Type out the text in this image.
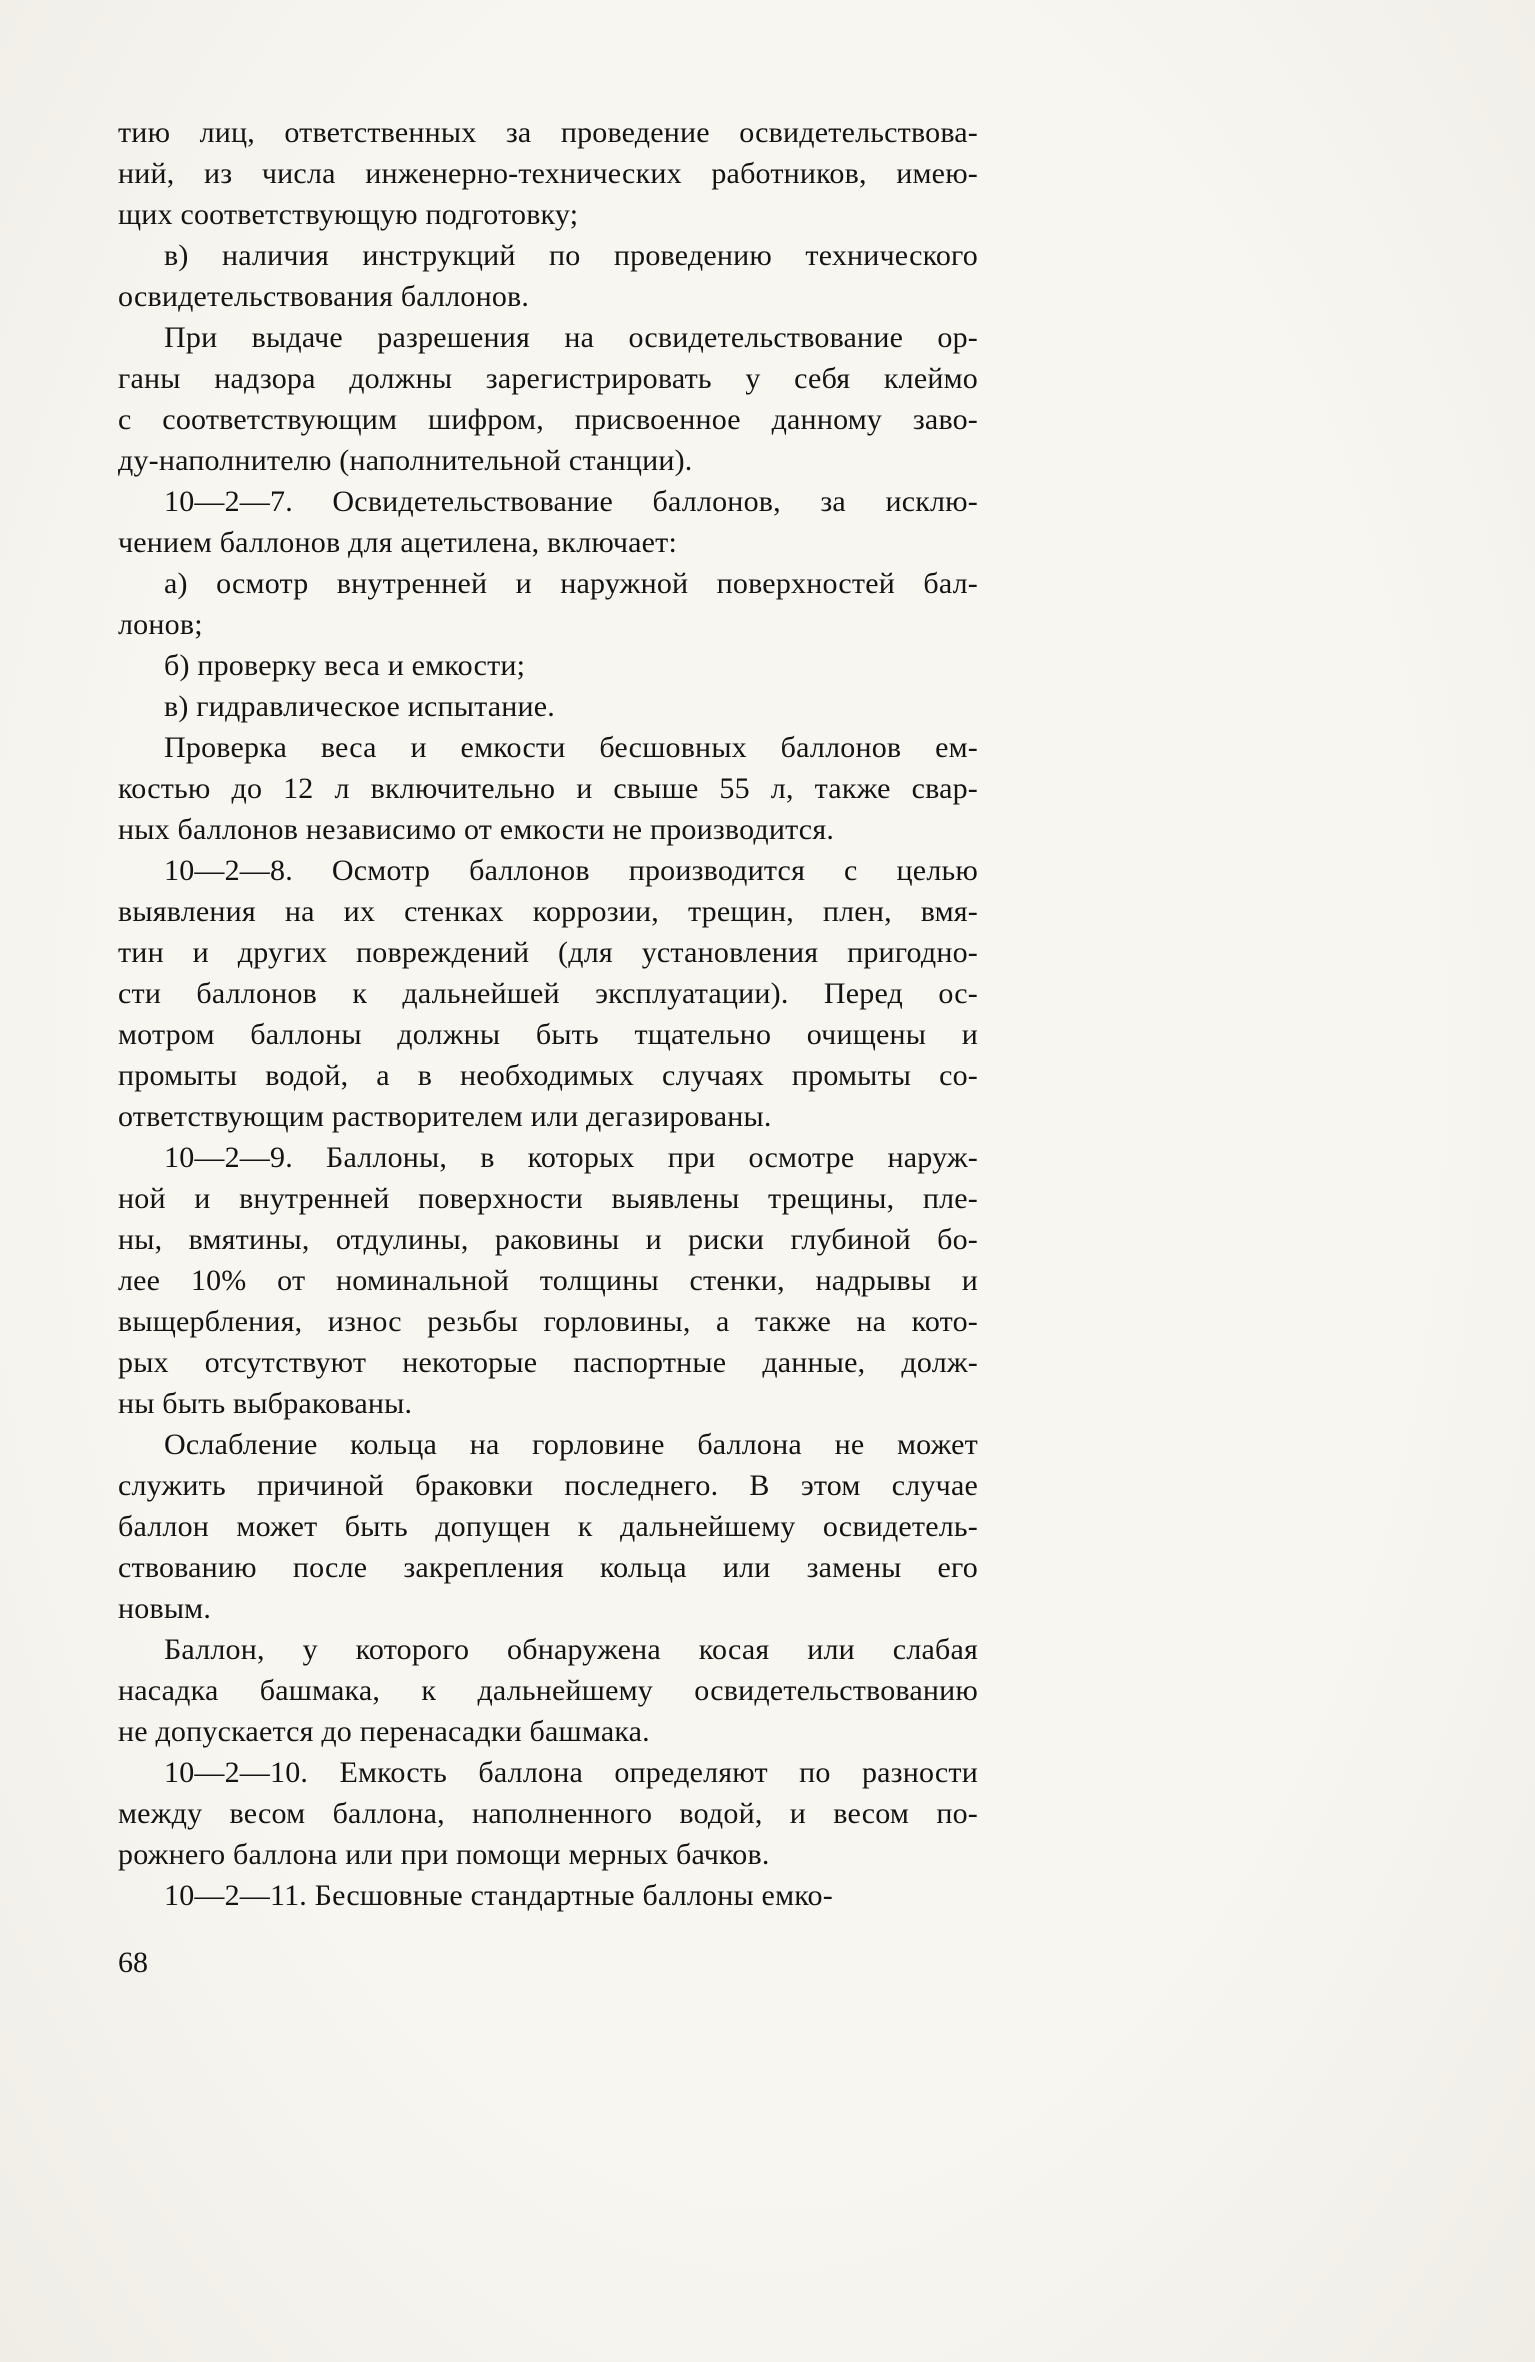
тию лиц, ответственных за проведение освидетельствова-
ний, из числа инженерно-технических работников, имею-
щих соответствующую подготовку;
в) наличия инструкций по проведению технического
освидетельствования баллонов.
При выдаче разрешения на освидетельствование ор-
ганы надзора должны зарегистрировать у себя клеймо
с соответствующим шифром, присвоенное данному заво-
ду-наполнителю (наполнительной станции).
10—2—7. Освидетельствование баллонов, за исклю-
чением баллонов для ацетилена, включает:
а) осмотр внутренней и наружной поверхностей бал-
лонов;
б) проверку веса и емкости;
в) гидравлическое испытание.
Проверка веса и емкости бесшовных баллонов ем-
костью до 12 л включительно и свыше 55 л, также свар-
ных баллонов независимо от емкости не производится.
10—2—8. Осмотр баллонов производится с целью
выявления на их стенках коррозии, трещин, плен, вмя-
тин и других повреждений (для установления пригодно-
сти баллонов к дальнейшей эксплуатации). Перед ос-
мотром баллоны должны быть тщательно очищены и
промыты водой, а в необходимых случаях промыты со-
ответствующим растворителем или дегазированы.
10—2—9. Баллоны, в которых при осмотре наруж-
ной и внутренней поверхности выявлены трещины, пле-
ны, вмятины, отдулины, раковины и риски глубиной бо-
лее 10% от номинальной толщины стенки, надрывы и
выщербления, износ резьбы горловины, а также на кото-
рых отсутствуют некоторые паспортные данные, долж-
ны быть выбракованы.
Ослабление кольца на горловине баллона не может
служить причиной браковки последнего. В этом случае
баллон может быть допущен к дальнейшему освидетель-
ствованию после закрепления кольца или замены его
новым.
Баллон, у которого обнаружена косая или слабая
насадка башмака, к дальнейшему освидетельствованию
не допускается до перенасадки башмака.
10—2—10. Емкость баллона определяют по разности
между весом баллона, наполненного водой, и весом по-
рожнего баллона или при помощи мерных бачков.
10—2—11. Бесшовные стандартные баллоны емко-
68
